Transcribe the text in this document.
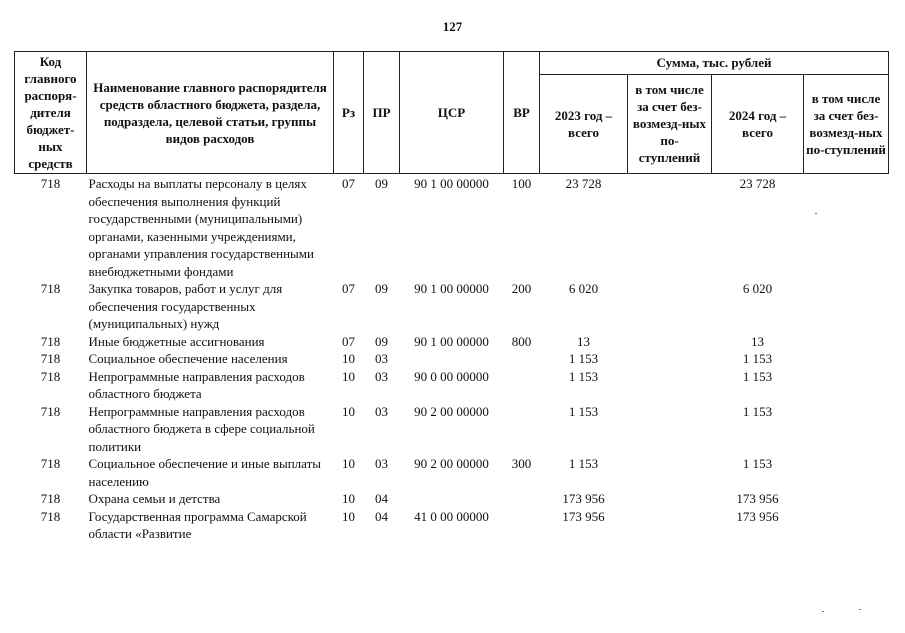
127
Код главного распоря-дителя бюджет-ных средств	Наименование главного распорядителя средств областного бюджета, раздела, подраздела, целевой статьи, группы видов расходов	Рз	ПР	ЦСР	ВР	Сумма, тыс. рублей			
						2023 год – всего	в том числе за счет без-возмезд-ных по-ступлений	2024 год – всего	в том числе за счет без-возмезд-ных по-ступлений
718	Расходы на выплаты персоналу в целях обеспечения выполнения функций государственными (муниципальными) органами, казенными учреждениями, органами управления государственными внебюджетными фондами	07	09	90 1 00 00000	100	23 728		23 728	
718	Закупка товаров, работ и услуг для обеспечения государственных (муниципальных) нужд	07	09	90 1 00 00000	200	6 020		6 020	
718	Иные бюджетные ассигнования	07	09	90 1 00 00000	800	13		13	
718	Социальное обеспечение населения	10	03			1 153		1 153	
718	Непрограммные направления расходов областного бюджета	10	03	90 0 00 00000		1 153		1 153	
718	Непрограммные направления расходов областного бюджета в сфере социальной политики	10	03	90 2 00 00000		1 153		1 153	
718	Социальное обеспечение и иные выплаты населению	10	03	90 2 00 00000	300	1 153		1 153	
718	Охрана семьи и детства	10	04			173 956		173 956	
718	Государственная программа Самарской области «Развитие	10	04	41 0 00 00000		173 956		173 956	
